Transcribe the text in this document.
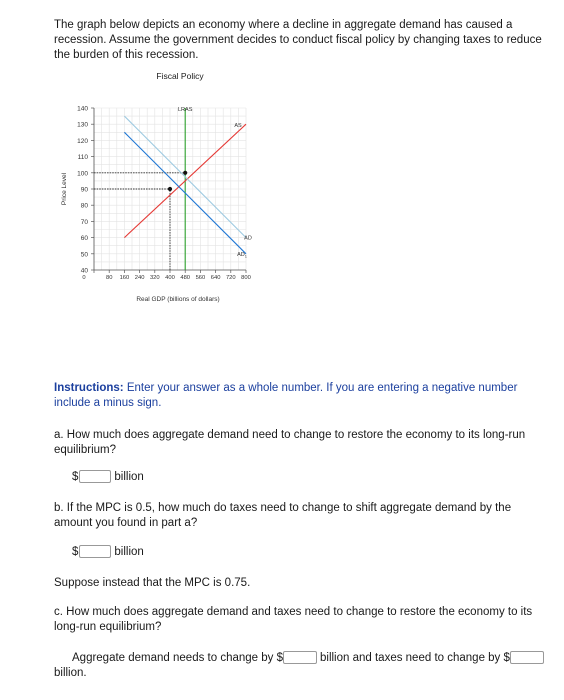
The graph below depicts an economy where a decline in aggregate demand has caused a recession. Assume the government decides to conduct fiscal policy by changing taxes to reduce the burden of this recession.
Fiscal Policy
40
50
60
70
80
90
100
110
120
130
140
0	80 160 240 320 400 480 560 640 720 800
Price Level
Real GDP (billions of dollars)
LRAS
AS
AD
$AD_1$
Instructions: Enter your answer as a whole number. If you are entering a negative number include a minus sign.
a. How much does aggregate demand need to change to restore the economy to its long-run equilibrium?
$	billion
b. If the MPC is 0.5, how much do taxes need to change to shift aggregate demand by the amount you found in part a?
$	billion
Suppose instead that the MPC is 0.75.
c. How much does aggregate demand and taxes need to change to restore the economy to its long-run equilibrium?
Aggregate demand needs to change by $	billion and taxes need to change by $
billion.
